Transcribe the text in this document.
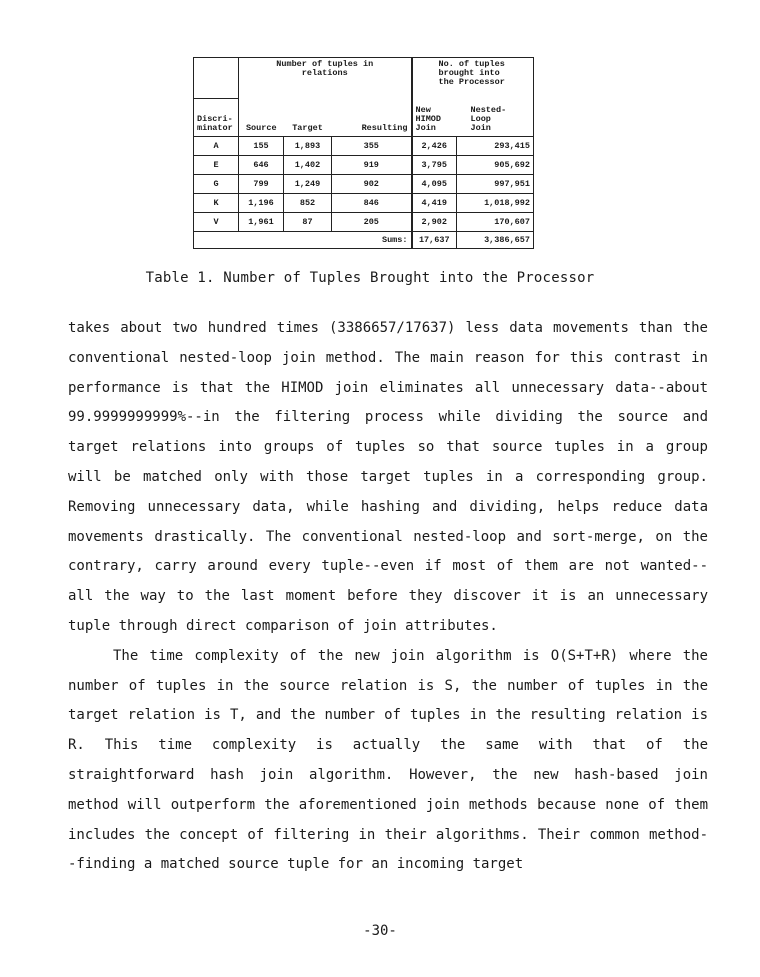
	Number of tuples in relations			No. of tuples brought into the Processor	
Discri-minator	Source	Target	Resulting	New HIMOD Join	Nested-Loop Join
A	155	1,893	355	2,426	293,415
E	646	1,402	919	3,795	905,692
G	799	1,249	902	4,095	997,951
K	1,196	852	846	4,419	1,018,992
V	1,961	87	205	2,902	170,607
Sums:				17,637	3,386,657
Table 1. Number of Tuples Brought into the Processor

takes about two hundred times (3386657/17637) less data movements than the conventional nested-loop join method. The main reason for this contrast in performance is that the HIMOD join eliminates all unnecessary data--about 99.9999999999%--in the filtering process while dividing the source and target relations into groups of tuples so that source tuples in a group will be matched only with those target tuples in a corresponding group. Removing unnecessary data, while hashing and dividing, helps reduce data movements drastically. The conventional nested-loop and sort-merge, on the contrary, carry around every tuple--even if most of them are not wanted--all the way to the last moment before they discover it is an unnecessary tuple through direct comparison of join attributes.

The time complexity of the new join algorithm is O(S+T+R) where the number of tuples in the source relation is S, the number of tuples in the target relation is T, and the number of tuples in the resulting relation is R. This time complexity is actually the same with that of the straightforward hash join algorithm. However, the new hash-based join method will outperform the aforementioned join methods because none of them includes the concept of filtering in their algorithms. Their common method--finding a matched source tuple for an incoming target

-30-
